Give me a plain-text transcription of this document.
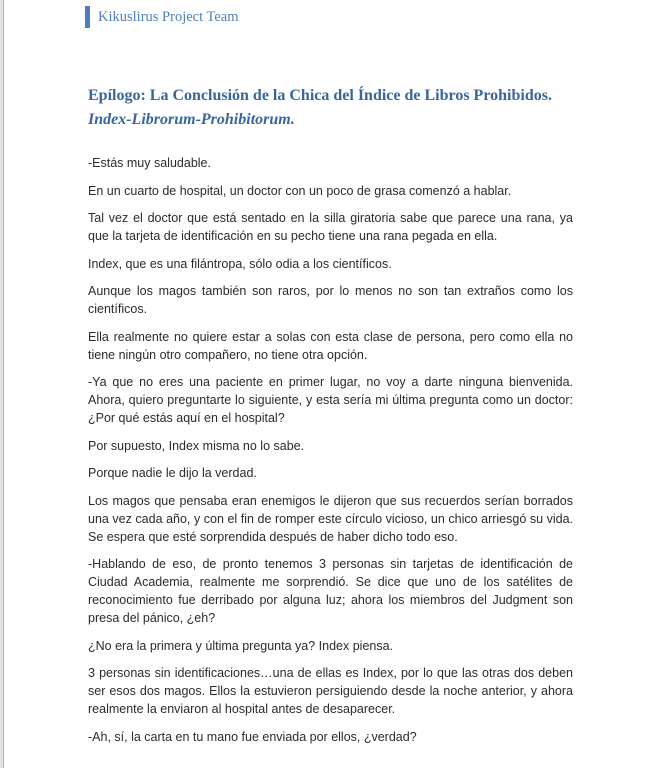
Kikuslirus Project Team
Epílogo: La Conclusión de la Chica del Índice de Libros Prohibidos.
Index-Librorum-Prohibitorum.

-Estás muy saludable.

En un cuarto de hospital, un doctor con un poco de grasa comenzó a hablar.

Tal vez el doctor que está sentado en la silla giratoria sabe que parece una rana, ya que la tarjeta de identificación en su pecho tiene una rana pegada en ella.

Index, que es una filántropa, sólo odia a los científicos.

Aunque los magos también son raros, por lo menos no son tan extraños como los científicos.

Ella realmente no quiere estar a solas con esta clase de persona, pero como ella no tiene ningún otro compañero, no tiene otra opción.

-Ya que no eres una paciente en primer lugar, no voy a darte ninguna bienvenida. Ahora, quiero preguntarte lo siguiente, y esta sería mi última pregunta como un doctor: ¿Por qué estás aquí en el hospital?

Por supuesto, Index misma no lo sabe.

Porque nadie le dijo la verdad.

Los magos que pensaba eran enemigos le dijeron que sus recuerdos serían borrados una vez cada año, y con el fin de romper este círculo vicioso, un chico arriesgó su vida. Se espera que esté sorprendida después de haber dicho todo eso.

-Hablando de eso, de pronto tenemos 3 personas sin tarjetas de identificación de Ciudad Academia, realmente me sorprendió. Se dice que uno de los satélites de reconocimiento fue derribado por alguna luz; ahora los miembros del Judgment son presa del pánico, ¿eh?

¿No era la primera y última pregunta ya? Index piensa.

3 personas sin identificaciones…una de ellas es Index, por lo que las otras dos deben ser esos dos magos. Ellos la estuvieron persiguiendo desde la noche anterior, y ahora realmente la enviaron al hospital antes de desaparecer.

-Ah, sí, la carta en tu mano fue enviada por ellos, ¿verdad?
